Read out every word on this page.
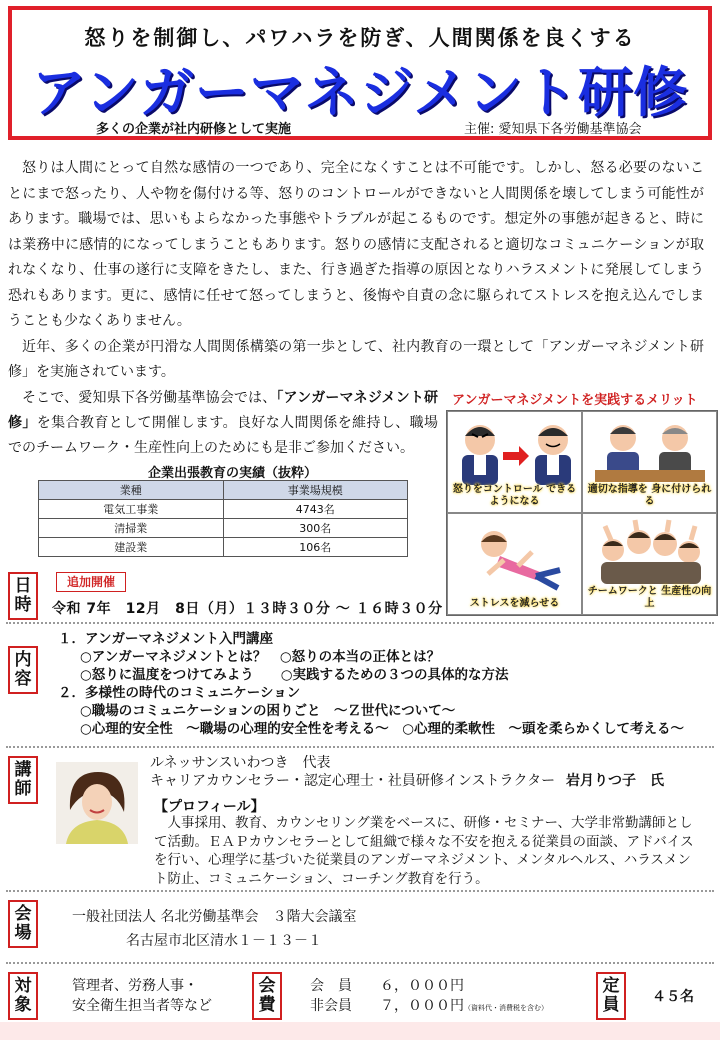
怒りを制御し、パワハラを防ぎ、人間関係を良くする
アンガーマネジメント研修
多くの企業が社内研修として実施	主催: 愛知県下各労働基準協会

怒りは人間にとって自然な感情の一つであり、完全になくすことは不可能です。しかし、怒る必要のないことにまで怒ったり、人や物を傷付ける等、怒りのコントロールができないと人間関係を壊してしまう可能性があります。職場では、思いもよらなかった事態やトラブルが起こるものです。想定外の事態が起きると、時には業務中に感情的になってしまうこともあります。怒りの感情に支配されると適切なコミュニケーションが取れなくなり、仕事の遂行に支障をきたし、また、行き過ぎた指導の原因となりハラスメントに発展してしまう恐れもあります。更に、感情に任せて怒ってしまうと、後悔や自責の念に駆られてストレスを抱え込んでしまうことも少なくありません。

近年、多くの企業が円滑な人間関係構築の第一歩として、社内教育の一環として「アンガーマネジメント研修」を実施されています。

そこで、愛知県下各労働基準協会では、「アンガーマネジメント研修」を集合教育として開催します。良好な人間関係を維持し、職場でのチームワーク・生産性向上のためにも是非ご参加ください。
企業出張教育の実績（抜粋）
業種	事業場規模
電気工事業	4743名
清掃業	300名
建設業	106名
アンガーマネジメントを実践するメリット
怒りをコントロール できるようになる
適切な指導を 身に付けられる
ストレスを減らせる
チームワークと 生産性の向上
日時
追加開催
令和 7年　12月　8日（月）１３時３０分 ～ １６時３０分
内容
１．アンガーマネジメント入門講座
○アンガーマネジメントとは？　○怒りの本当の正体とは？
○怒りに温度をつけてみよう　　○実践するための３つの具体的な方法
２．多様性の時代のコミュニケーション
○職場のコミュニケーションの困りごと　～Ｚ世代について～
○心理的安全性　～職場の心理的安全性を考える～　○心理的柔軟性　～頭を柔らかくして考える～
講師
ルネッサンスいわつき　代表
キャリアカウンセラー・認定心理士・社員研修インストラクター 岩月りつ子　氏
【プロフィール】
人事採用、教育、カウンセリング業をベースに、研修・セミナー、大学非常勤講師として活動。ＥＡＰカウンセラーとして組織で様々な不安を抱える従業員の面談、アドバイスを行い、心理学に基づいた従業員のアンガーマネジメント、メンタルヘルス、ハラスメント防止、コミュニケーション、コーチング教育を行う。
会場
一般社団法人 名北労働基準会　３階大会議室
名古屋市北区清水１－１３－１
対象
管理者、労務人事・
安全衛生担当者等など
会費
会　員　　６，０００円
非会員　　７，０００円（資料代・消費税を含む）
定員	４５名
